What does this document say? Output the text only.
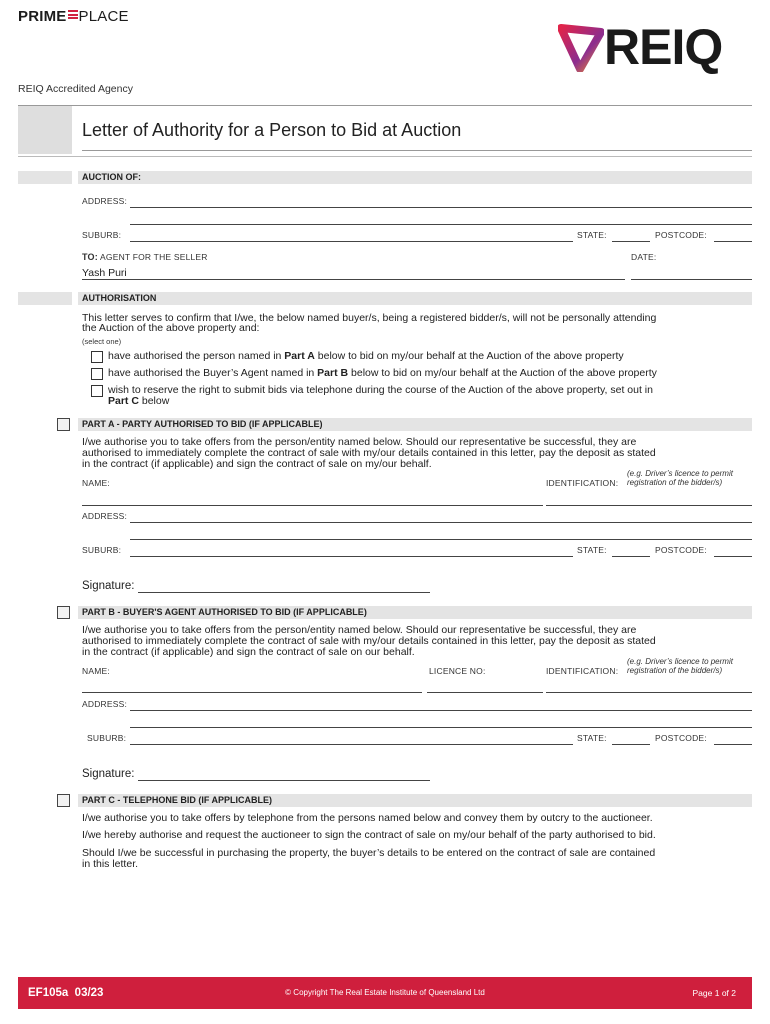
PRIME PLACE
REIQ
REIQ Accredited Agency
Letter of Authority for a Person to Bid at Auction
AUCTION OF:
ADDRESS:
SUBURB:	STATE:	POSTCODE:
TO: AGENT FOR THE SELLER	DATE:
Yash Puri
AUTHORISATION
This letter serves to confirm that I/we, the below named buyer/s, being a registered bidder/s, will not be personally attending
the Auction of the above property and:
(select one)
have authorised the person named in Part A below to bid on my/our behalf at the Auction of the above property
have authorised the Buyer’s Agent named in Part B below to bid on my/our behalf at the Auction of the above property
wish to reserve the right to submit bids via telephone during the course of the Auction of the above property, set out in
Part C below
PART A - PARTY AUTHORISED TO BID (IF APPLICABLE)
I/we authorise you to take offers from the person/entity named below. Should our representative be successful, they are
authorised to immediately complete the contract of sale with my/our details contained in this letter, pay the deposit as stated
in the contract (if applicable) and sign the contract of sale on my/our behalf.
NAME:	IDENTIFICATION:
(e.g. Driver’s licence to permit
registration of the bidder/s)
ADDRESS:
SUBURB:	STATE:	POSTCODE:
Signature:
PART B - BUYER'S AGENT AUTHORISED TO BID (IF APPLICABLE)
I/we authorise you to take offers from the person/entity named below. Should our representative be successful, they are
authorised to immediately complete the contract of sale with my/our details contained in this letter, pay the deposit as stated
in the contract (if applicable) and sign the contract of sale on our behalf.
NAME:	LICENCE NO:	IDENTIFICATION:
(e.g. Driver’s licence to permit
registration of the bidder/s)
ADDRESS:
SUBURB:	STATE:	POSTCODE:
Signature:
PART C - TELEPHONE BID (IF APPLICABLE)
I/we authorise you to take offers by telephone from the persons named below and convey them by outcry to the auctioneer.
I/we hereby authorise and request the auctioneer to sign the contract of sale on my/our behalf of the party authorised to bid.
Should I/we be successful in purchasing the property, the buyer’s details to be entered on the contract of sale are contained
in this letter.
EF105a 03/23	© Copyright The Real Estate Institute of Queensland Ltd	Page 1 of 2
